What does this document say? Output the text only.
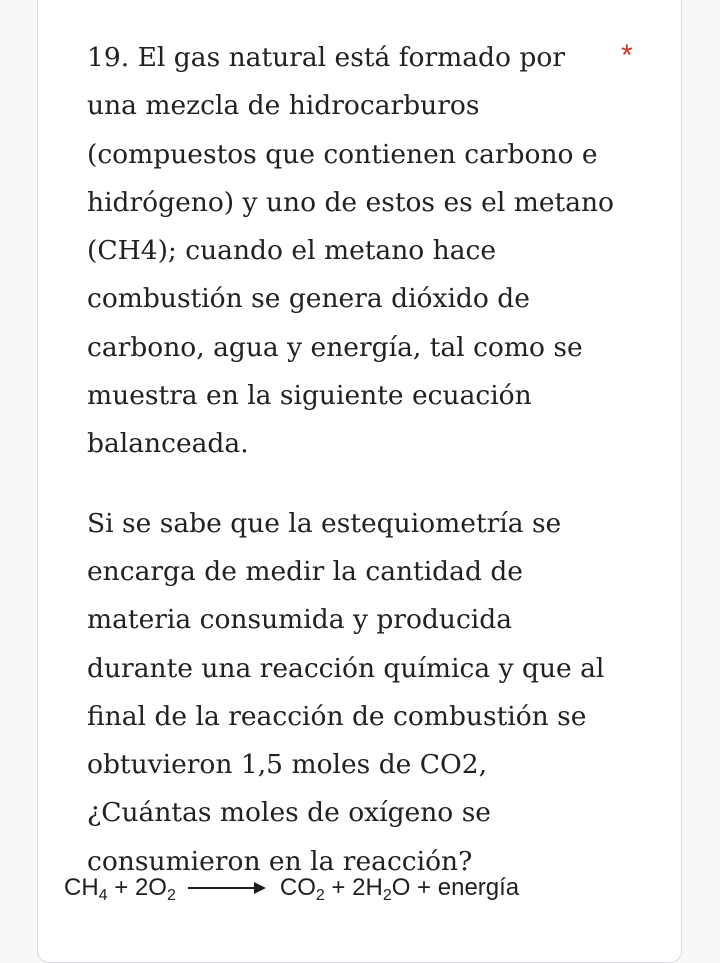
19. El gas natural está formado por una mezcla de hidrocarburos (compuestos que contienen carbono e hidrógeno) y uno de estos es el metano (CH4); cuando el metano hace combustión se genera dióxido de carbono, agua y energía, tal como se muestra en la siguiente ecuación balanceada.

Si se sabe que la estequiometría se encarga de medir la cantidad de materia consumida y producida durante una reacción química y que al final de la reacción de combustión se obtuvieron 1,5 moles de CO2, ¿Cuántas moles de oxígeno se consumieron en la reacción?

*
$CH_4 + 2O_2 \to CO_2 + 2H_2O$ + energía
